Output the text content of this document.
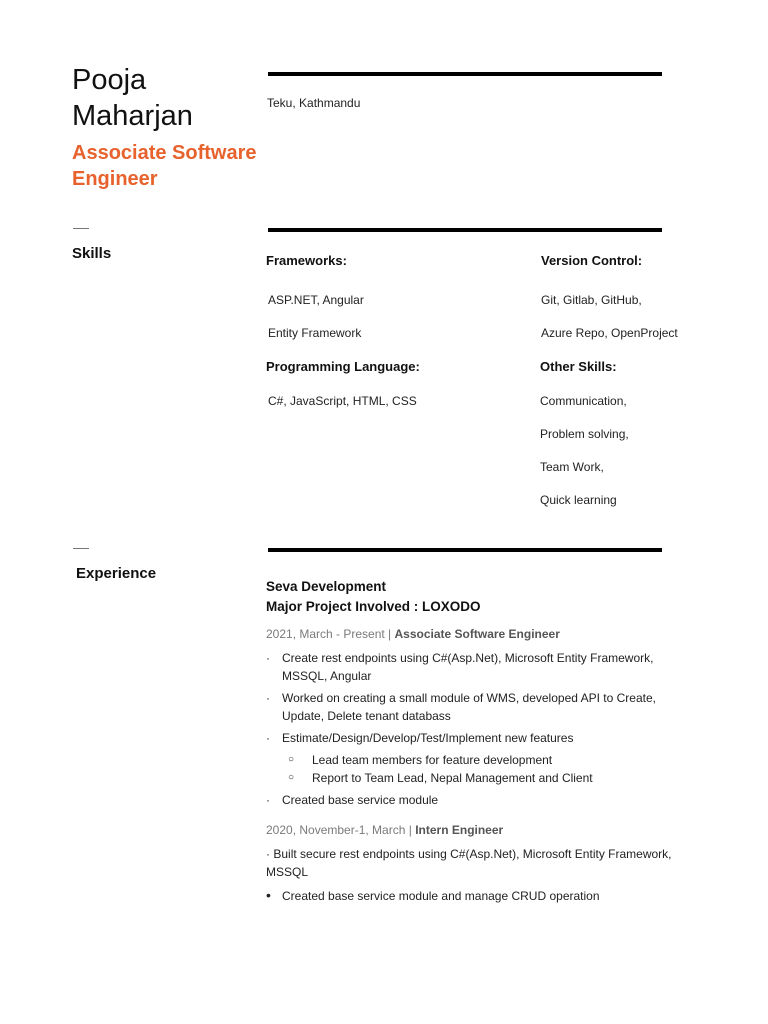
Pooja
Maharjan
Associate Software
Engineer
Teku, Kathmandu
Skills	Frameworks:
ASP.NET, Angular
Entity Framework
Programming Language:
C#, JavaScript, HTML, CSS
Version Control:
Git, Gitlab, GitHub,
Azure Repo, OpenProject
Other Skills:
Communication,
Problem solving,
Team Work,
Quick learning
Experience
Seva Development
Major Project Involved : LOXODO
2021, March - Present | Associate Software Engineer
· Create rest endpoints using C#(Asp.Net), Microsoft Entity Framework, MSSQL, Angular
· Worked on creating a small module of WMS, developed API to Create, Update, Delete tenant databass
· Estimate/Design/Develop/Test/Implement new features
○ Lead team members for feature development
○ Report to Team Lead, Nepal Management and Client
· Created base service module
2020, November-1, March | Intern Engineer
· Built secure rest endpoints using C#(Asp.Net), Microsoft Entity Framework, MSSQL
• Created base service module and manage CRUD operation
